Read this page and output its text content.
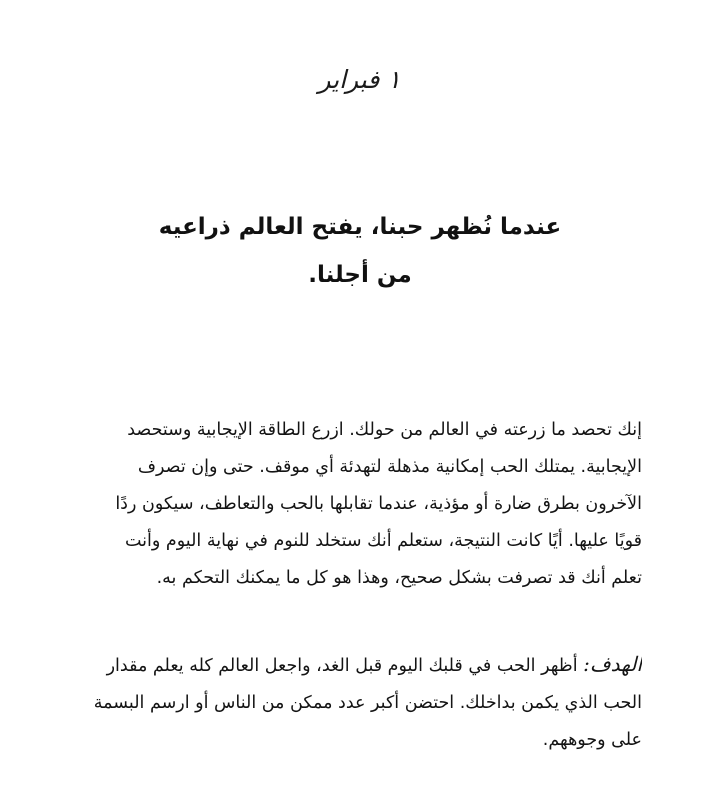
١ فبراير
عندما نُظهر حبنا، يفتح العالم ذراعيه
من أجلنا.
إنك تحصد ما زرعته في العالم من حولك. ازرع الطاقة الإيجابية وستحصد
الإيجابية. يمتلك الحب إمكانية مذهلة لتهدئة أي موقف. حتى وإن تصرف
الآخرون بطرق ضارة أو مؤذية، عندما تقابلها بالحب والتعاطف، سيكون ردًا
قويًا عليها. أيًا كانت النتيجة، ستعلم أنك ستخلد للنوم في نهاية اليوم وأنت
تعلم أنك قد تصرفت بشكل صحيح، وهذا هو كل ما يمكنك التحكم به.
الهدف: أظهر الحب في قلبك اليوم قبل الغد، واجعل العالم كله يعلم مقدار
الحب الذي يكمن بداخلك. احتضن أكبر عدد ممكن من الناس أو ارسم البسمة
على وجوههم.
